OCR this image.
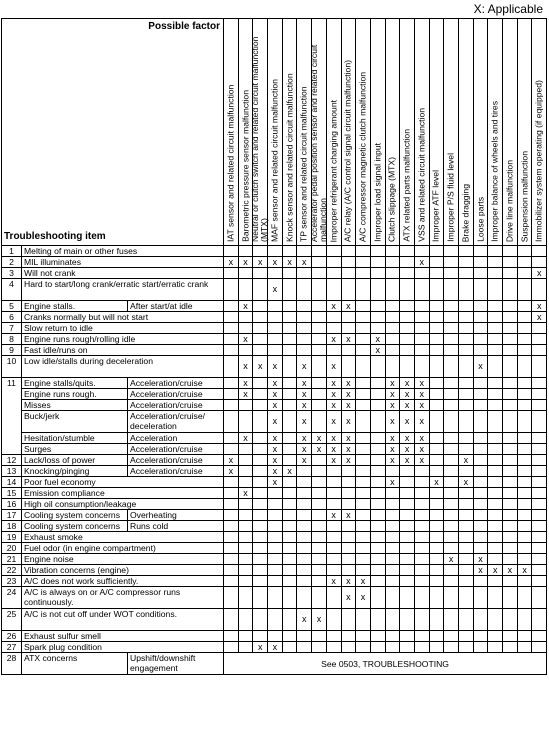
X: Applicable
Possible factor
Troubleshooting item			IAT sensor and related circuit malfunction	Barometric pressure sensor malfunction	Neutral or clutch switch and related circuit malfunction (MTX)	MAF sensor and related circuit malfunction	Knock sensor and related circuit malfunction	TP sensor and related circuit malfunction	Accelerator pedal position sensor and related circuit malfunction	Improper refrigerant charging amount	A/C relay (A/C control signal circuit malfunction)	A/C compressor magnetic clutch malfunction	Improper load signal input	Clutch slippage (MTX)	ATX related parts malfunction	VSS and related circuit malfunction	Improper ATF level	Improper P/S fluid level	Brake dragging	Loose parts	Improper balance of wheels and tires	Drive line malfunction	Suspension malfunction	Immobilizer system operating (if equipped)

1	Melting of main or other fuses																							
2	MIL illuminates		x	x	x	x	x	x								x								
3	Will not crank																							x
4	Hard to start/long crank/erratic start/erratic crank					x																		
5	Engine stalls.	After start/at idle		x						x	x													x
6	Cranks normally but will not start																							x
7	Slow return to idle																							
8	Engine runs rough/rolling idle			x						x	x		x											
9	Fast idle/runs on												x											
10	Low idle/stalls during deceleration			x	x	x		x		x										x				
11	Engine stalls/quits.	Acceleration/cruise		x		x		x		x	x			x	x	x								
	Engine runs rough.	Acceleration/cruise		x		x		x		x	x			x	x	x								
	Misses	Acceleration/cruise				x		x		x	x			x	x	x								
	Buck/jerk	Acceleration/cruise/ deceleration				x		x		x	x			x	x	x								
	Hesitation/stumble	Acceleration		x		x		x	x	x	x			x	x	x								
	Surges	Acceleration/cruise				x		x	x	x	x			x	x	x								
12	Lack/loss of power	Acceleration/cruise	x			x		x		x	x			x	x	x			x					
13	Knocking/pinging	Acceleration/cruise	x			x	x																	
14	Poor fuel economy					x								x			x		x					
15	Emission compliance			x																				
16	High oil consumption/leakage																							
17	Cooling system concerns	Overheating								x	x													
18	Cooling system concerns	Runs cold																						
19	Exhaust smoke																							
20	Fuel odor (in engine compartment)																							
21	Engine noise																	x		x				
22	Vibration concerns (engine)																			x	x	x	x	
23	A/C does not work sufficiently.									x	x	x												
24	A/C is always on or A/C compressor runs continuously.										x	x												
25	A/C is not cut off under WOT conditions.							x	x															
26	Exhaust sulfur smell																							
27	Spark plug condition				x	x																		
28	ATX concerns	Upshift/downshift engagement	See 0503, TROUBLESHOOTING																					
